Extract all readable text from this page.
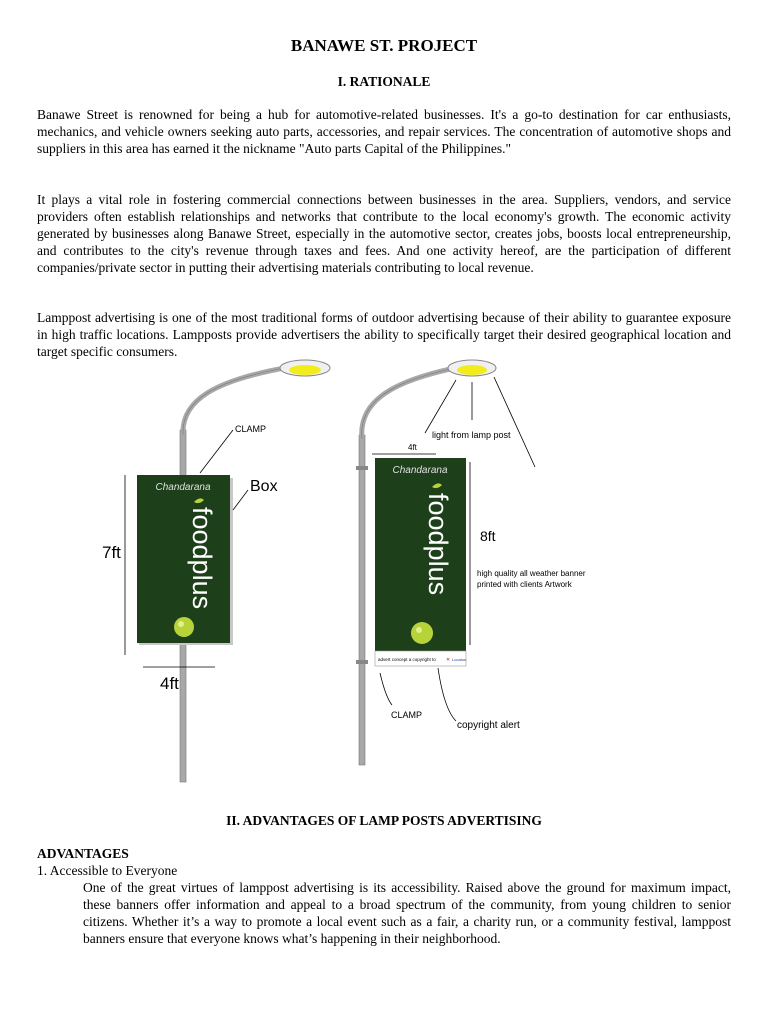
BANAWE ST. PROJECT
I. RATIONALE

Banawe Street is renowned for being a hub for automotive-related businesses. It's a go-to destination for car enthusiasts, mechanics, and vehicle owners seeking auto parts, accessories, and repair services. The concentration of automotive shops and suppliers in this area has earned it the nickname "Auto parts Capital of the Philippines."

It plays a vital role in fostering commercial connections between businesses in the area. Suppliers, vendors, and service providers often establish relationships and networks that contribute to the local economy's growth. The economic activity generated by businesses along Banawe Street, especially in the automotive sector, creates jobs, boosts local entrepreneurship, and contributes to the city's revenue through taxes and fees. And one activity hereof, are the participation of different companies/private sector in putting their advertising materials contributing to local revenue.

Lamppost advertising is one of the most traditional forms of outdoor advertising because of their ability to guarantee exposure in high traffic locations. Lampposts provide advertisers the ability to specifically target their desired geographical location and target specific consumers.

CLAMP
Chandarana
foodplus
Box
7ft
4ft
light from lamp post
4ft
Chandarana
foodplus
advert concept a copyright to ✕ Locatus
8ft
high quality all weather banner
printed with clients Artwork
CLAMP
copyright alert
II. ADVANTAGES OF LAMP POSTS ADVERTISING
ADVANTAGES
1. Accessible to Everyone

One of the great virtues of lamppost advertising is its accessibility. Raised above the ground for maximum impact, these banners offer information and appeal to a broad spectrum of the community, from young children to senior citizens. Whether it’s a way to promote a local event such as a fair, a charity run, or a community festival, lamppost banners ensure that everyone knows what’s happening in their neighborhood.
